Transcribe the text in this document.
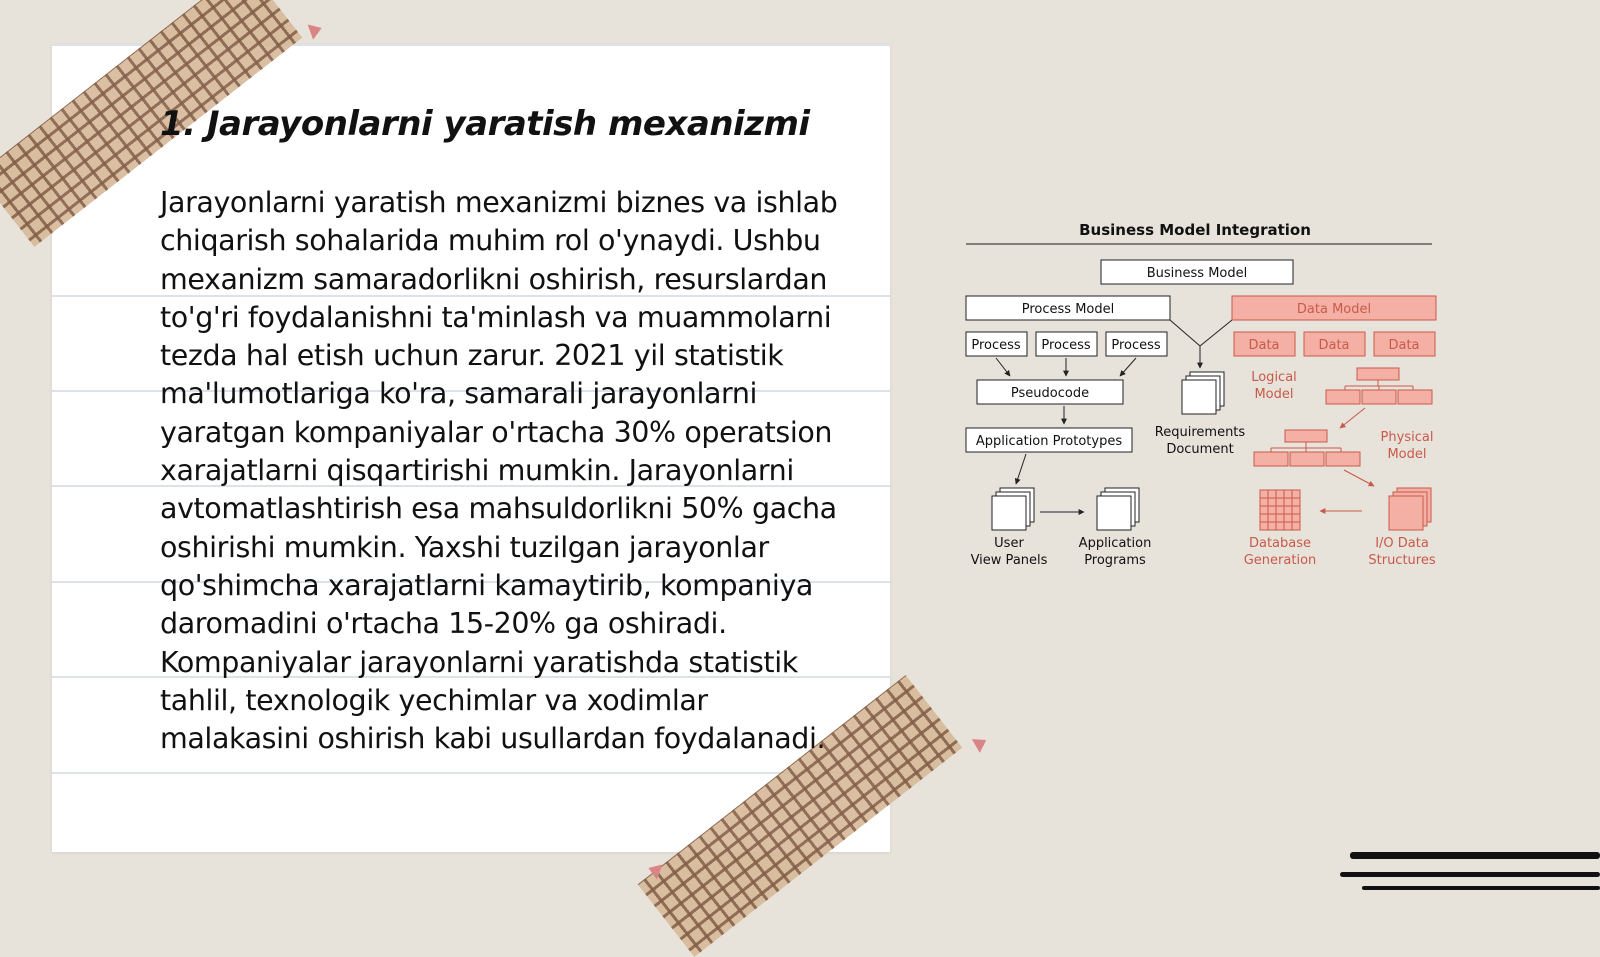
1. Jarayonlarni yaratish mexanizmi

Jarayonlarni yaratish mexanizmi biznes va ishlab chiqarish sohalarida muhim rol o'ynaydi. Ushbu mexanizm samaradorlikni oshirish, resurslardan to'g'ri foydalanishni ta'minlash va muammolarni tezda hal etish uchun zarur. 2021 yil statistik ma'lumotlariga ko'ra, samarali jarayonlarni yaratgan kompaniyalar o'rtacha 30% operatsion xarajatlarni qisqartirishi mumkin. Jarayonlarni avtomatlashtirish esa mahsuldorlikni 50% gacha oshirishi mumkin. Yaxshi tuzilgan jarayonlar qo'shimcha xarajatlarni kamaytirib, kompaniya daromadini o'rtacha 15-20% ga oshiradi. Kompaniyalar jarayonlarni yaratishda statistik tahlil, texnologik yechimlar va xodimlar malakasini oshirish kabi usullardan foydalanadi.

Business Model Integration
Business Model
Process Model	Data Model
Process Process Process	Data	Data	Data
Pseudocode
Application Prototypes
Requirements
Document
Logical
Model
Physical
Model
User
View Panels
Application
Programs
Database
Generation
I/O Data
Structures
